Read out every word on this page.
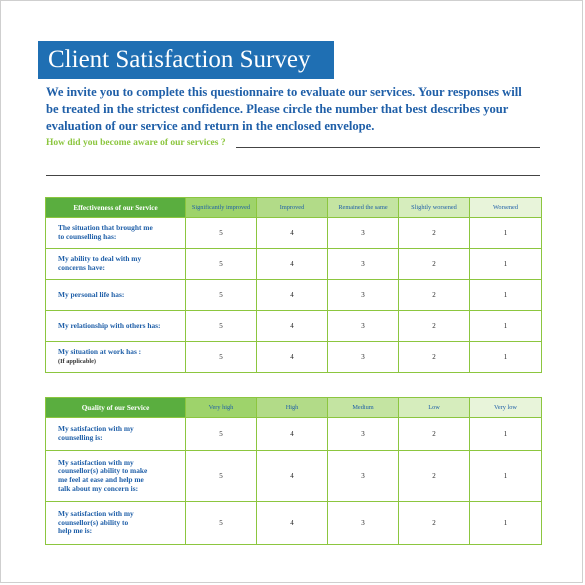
Client Satisfaction Survey
We invite you to complete this questionnaire to evaluate our services. Your responses will
be treated in the strictest confidence. Please circle the number that best describes your
evaluation of our service and return in the enclosed envelope.
How did you become aware of our services ?
Effectiveness of our Service	Significantly improved	Improved	Remained the same	Slightly worsened	Worsened
The situation that brought me
to counselling has:	5	4	3	2	1
My ability to deal with my
concerns have:	5	4	3	2	1
My personal life has:	5	4	3	2	1
My relationship with others has:	5	4	3	2	1
My situation at work has :
(If applicable)	5	4	3	2	1
Quality of our Service	Very high	High	Medium	Low	Very low
My satisfaction with my
counselling is:	5	4	3	2	1
My satisfaction with my
counsellor(s) ability to make
me feel at ease and help me
talk about my concern is:	5	4	3	2	1
My satisfaction with my
counsellor(s) ability to
help me is:	5	4	3	2	1
